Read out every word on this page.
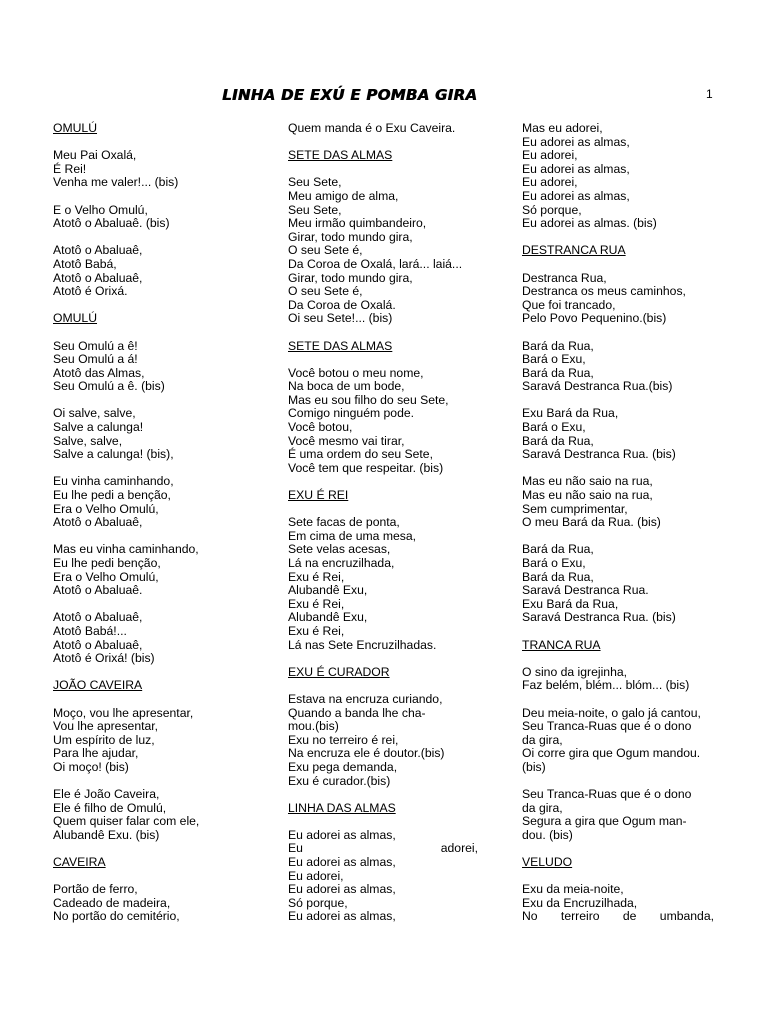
LINHA DE EXÚ E POMBA GIRA	1
OMULÚ
Meu Pai Oxalá,
É Rei!
Venha me valer!... (bis)
E o Velho Omulú,
Atotô o Abaluaê. (bis)
Atotô o Abaluaê,
Atotô Babá,
Atotô o Abaluaê,
Atotô é Orixá.
OMULÚ
Seu Omulú a ê!
Seu Omulú a á!
Atotô das Almas,
Seu Omulú a ê. (bis)
Oi salve, salve,
Salve a calunga!
Salve, salve,
Salve a calunga! (bis),
Eu vinha caminhando,
Eu lhe pedi a benção,
Era o Velho Omulú,
Atotô o Abaluaê,
Mas eu vinha caminhando,
Eu lhe pedi benção,
Era o Velho Omulú,
Atotô o Abaluaê.
Atotô o Abaluaê,
Atotô Babá!...
Atotô o Abaluaê,
Atotô é Orixá! (bis)
JOÃO CAVEIRA
Moço, vou lhe apresentar,
Vou lhe apresentar,
Um espírito de luz,
Para lhe ajudar,
Oi moço! (bis)
Ele é João Caveira,
Ele é filho de Omulú,
Quem quiser falar com ele,
Alubandê Exu. (bis)
CAVEIRA
Portão de ferro,
Cadeado de madeira,
No portão do cemitério,
Quem manda é o Exu Caveira.
SETE DAS ALMAS
Seu Sete,
Meu amigo de alma,
Seu Sete,
Meu irmão quimbandeiro,
Girar, todo mundo gira,
O seu Sete é,
Da Coroa de Oxalá, lará... laiá...
Girar, todo mundo gira,
O seu Sete é,
Da Coroa de Oxalá.
Oi seu Sete!... (bis)
SETE DAS ALMAS
Você botou o meu nome,
Na boca de um bode,
Mas eu sou filho do seu Sete,
Comigo ninguém pode.
Você botou,
Você mesmo vai tirar,
É uma ordem do seu Sete,
Você tem que respeitar. (bis)
EXU É REI
Sete facas de ponta,
Em cima de uma mesa,
Sete velas acesas,
Lá na encruzilhada,
Exu é Rei,
Alubandê Exu,
Exu é Rei,
Alubandê Exu,
Exu é Rei,
Lá nas Sete Encruzilhadas.
EXU É CURADOR
Estava na encruza curiando,
Quando a banda lhe cha-
mou.(bis)
Exu no terreiro é rei,
Na encruza ele é doutor.(bis)
Exu pega demanda,
Exu é curador.(bis)
LINHA DAS ALMAS
Eu adorei as almas,
Eu adorei,
Eu adorei as almas,
Eu adorei,
Eu adorei as almas,
Só porque,
Eu adorei as almas,
Mas eu adorei,
Eu adorei as almas,
Eu adorei,
Eu adorei as almas,
Eu adorei,
Eu adorei as almas,
Só porque,
Eu adorei as almas. (bis)
DESTRANCA RUA
Destranca Rua,
Destranca os meus caminhos,
Que foi trancado,
Pelo Povo Pequenino.(bis)
Bará da Rua,
Bará o Exu,
Bará da Rua,
Saravá Destranca Rua.(bis)
Exu Bará da Rua,
Bará o Exu,
Bará da Rua,
Saravá Destranca Rua. (bis)
Mas eu não saio na rua,
Mas eu não saio na rua,
Sem cumprimentar,
O meu Bará da Rua. (bis)
Bará da Rua,
Bará o Exu,
Bará da Rua,
Saravá Destranca Rua.
Exu Bará da Rua,
Saravá Destranca Rua. (bis)
TRANCA RUA
O sino da igrejinha,
Faz belém, blém... blóm... (bis)
Deu meia-noite, o galo já cantou,
Seu Tranca-Ruas que é o dono
da gira,
Oi corre gira que Ogum mandou.
(bis)
Seu Tranca-Ruas que é o dono
da gira,
Segura a gira que Ogum man-
dou. (bis)
VELUDO
Exu da meia-noite,
Exu da Encruzilhada,
No terreiro de umbanda,
